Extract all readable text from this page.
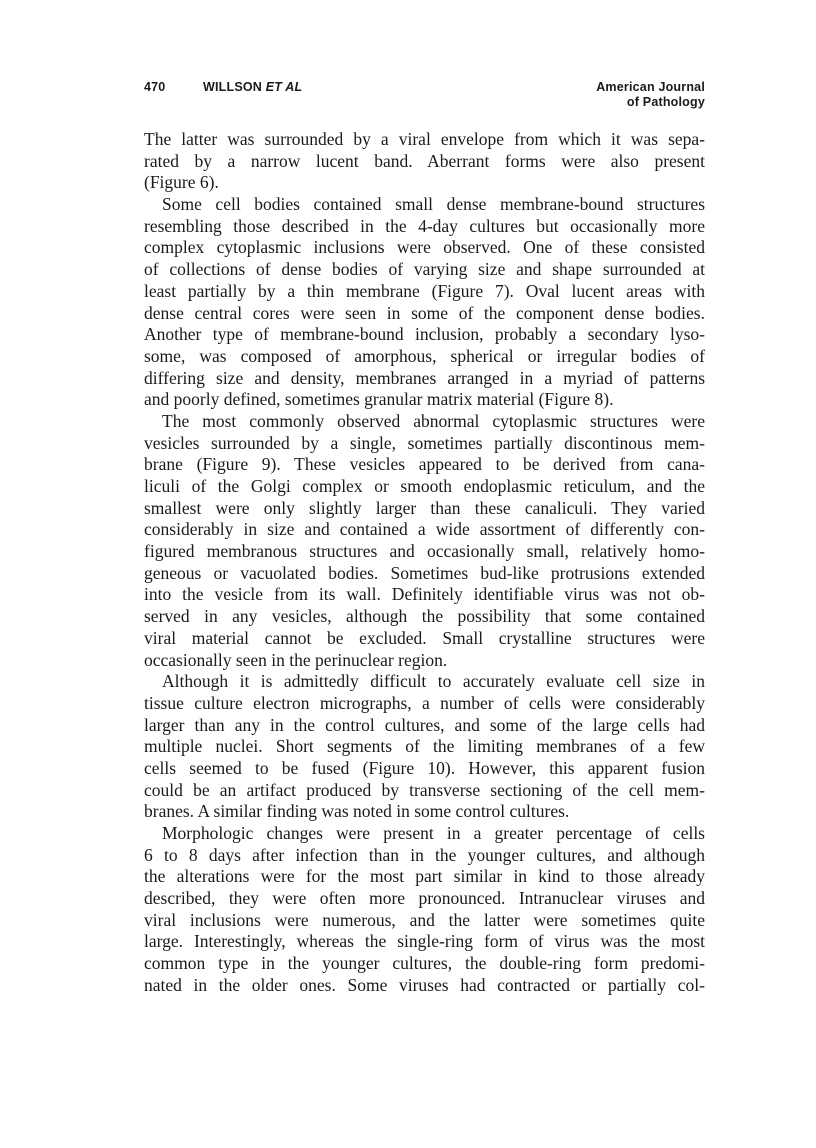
470	WILLSON ET AL	American Journal
of Pathology
The latter was surrounded by a viral envelope from which it was sepa-
rated by a narrow lucent band. Aberrant forms were also present
(Figure 6).
Some cell bodies contained small dense membrane-bound structures
resembling those described in the 4-day cultures but occasionally more
complex cytoplasmic inclusions were observed. One of these consisted
of collections of dense bodies of varying size and shape surrounded at
least partially by a thin membrane (Figure 7). Oval lucent areas with
dense central cores were seen in some of the component dense bodies.
Another type of membrane-bound inclusion, probably a secondary lyso-
some, was composed of amorphous, spherical or irregular bodies of
differing size and density, membranes arranged in a myriad of patterns
and poorly defined, sometimes granular matrix material (Figure 8).
The most commonly observed abnormal cytoplasmic structures were
vesicles surrounded by a single, sometimes partially discontinous mem-
brane (Figure 9). These vesicles appeared to be derived from cana-
liculi of the Golgi complex or smooth endoplasmic reticulum, and the
smallest were only slightly larger than these canaliculi. They varied
considerably in size and contained a wide assortment of differently con-
figured membranous structures and occasionally small, relatively homo-
geneous or vacuolated bodies. Sometimes bud-like protrusions extended
into the vesicle from its wall. Definitely identifiable virus was not ob-
served in any vesicles, although the possibility that some contained
viral material cannot be excluded. Small crystalline structures were
occasionally seen in the perinuclear region.
Although it is admittedly difficult to accurately evaluate cell size in
tissue culture electron micrographs, a number of cells were considerably
larger than any in the control cultures, and some of the large cells had
multiple nuclei. Short segments of the limiting membranes of a few
cells seemed to be fused (Figure 10). However, this apparent fusion
could be an artifact produced by transverse sectioning of the cell mem-
branes. A similar finding was noted in some control cultures.
Morphologic changes were present in a greater percentage of cells
6 to 8 days after infection than in the younger cultures, and although
the alterations were for the most part similar in kind to those already
described, they were often more pronounced. Intranuclear viruses and
viral inclusions were numerous, and the latter were sometimes quite
large. Interestingly, whereas the single-ring form of virus was the most
common type in the younger cultures, the double-ring form predomi-
nated in the older ones. Some viruses had contracted or partially col-
